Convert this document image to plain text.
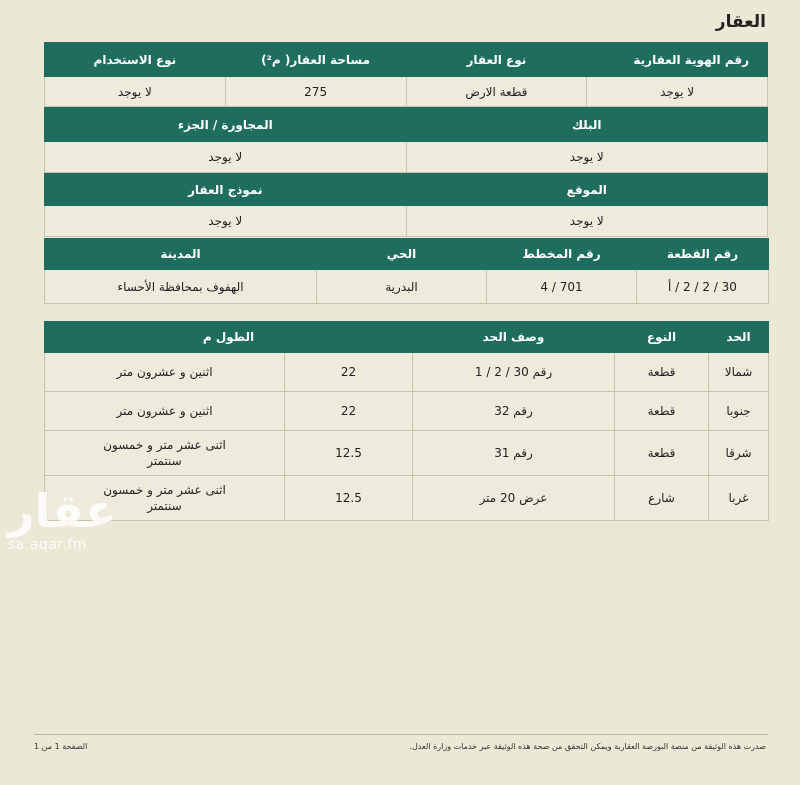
العقار
رقم الهوية العقارية	نوع العقار	مساحة العقار( م²)	نوع الاستخدام
لا يوجد	قطعة الارض	275	لا يوجد
البلك	المجاورة / الجزء
لا يوجد	لا يوجد
الموقع	نموذج العقار
لا يوجد	لا يوجد
رقم القطعة	رقم المخطط	الحي	المدينة
30 / 2 / 2 / أ	701 / 4	البدرية	الهفوف بمحافظة الأحساء
الحد	النوع	وصف الحد	الطول م	
شمالا	قطعة	رقم 30 / 2 / 1	22	اثنين و عشرون متر
جنوبا	قطعة	رقم 32	22	اثنين و عشرون متر
شرقا	قطعة	رقم 31	12.5	اثنى عشر متر و خمسون
سنتمتر

غربا	شارع	عرض 20 متر	12.5	اثنى عشر متر و خمسون
سنتمتر
عقار
sa.aqar.fm
صدرت هذه الوثيقة من منصة البورصة العقارية ويمكن التحقق من صحة هذه الوثيقة عبر خدمات وزارة العدل.
الصفحة 1 من 1
